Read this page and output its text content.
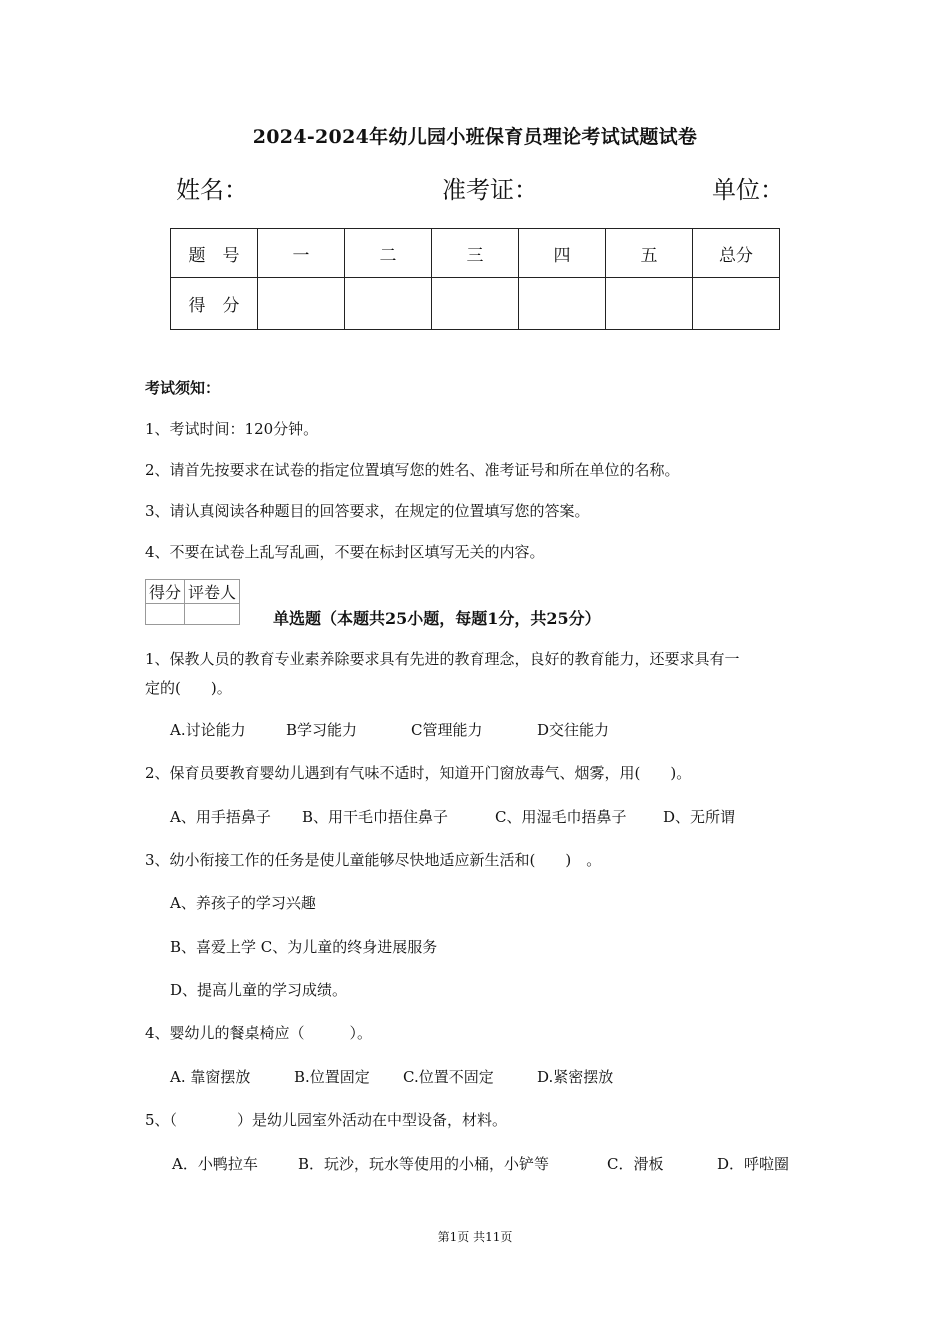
2024-2024年幼儿园小班保育员理论考试试题试卷
姓名：	准考证：	单位：
题　号	一	二	三	四	五	总分
得　分						
考试须知：
1、考试时间：120分钟。
2、请首先按要求在试卷的指定位置填写您的姓名、准考证号和所在单位的名称。
3、请认真阅读各种题目的回答要求，在规定的位置填写您的答案。
4、不要在试卷上乱写乱画，不要在标封区填写无关的内容。
得分	评卷人

单选题（本题共25小题，每题1分，共25分）
1、保教人员的教育专业素养除要求具有先进的教育理念，良好的教育能力，还要求具有一
定的(　　)。
A.讨论能力	B学习能力	C管理能力	D交往能力
2、保育员要教育婴幼儿遇到有气味不适时，知道开门窗放毒气、烟雾，用(　　)。
A、用手捂鼻子 B、用干毛巾捂住鼻子	C、用湿毛巾捂鼻子 D、无所谓
3、幼小衔接工作的任务是使儿童能够尽快地适应新生活和(　　)　。
A、养孩子的学习兴趣
B、喜爱上学 C、为儿童的终身进展服务
D、提高儿童的学习成绩。
4、婴幼儿的餐桌椅应（　　　）。
A. 靠窗摆放	B.位置固定 C.位置不固定	D.紧密摆放
5、（　　　　）是幼儿园室外活动在中型设备，材料。
A．小鸭拉车	B．玩沙，玩水等使用的小桶，小铲等	C．滑板	D．呼啦圈
第1页 共11页
